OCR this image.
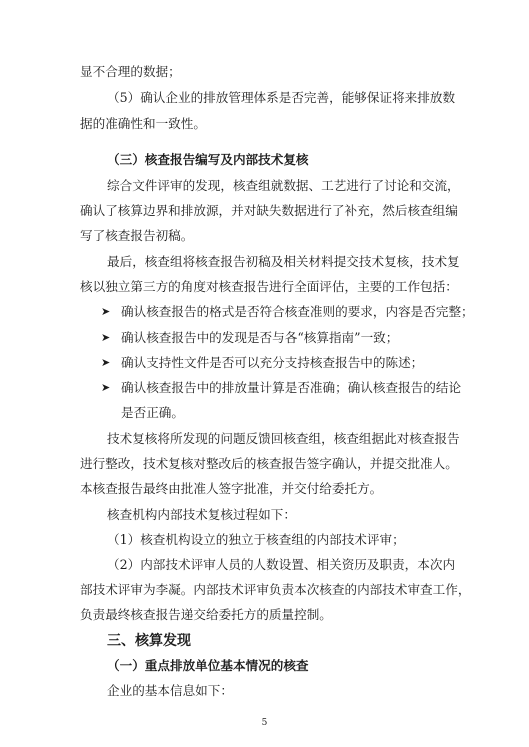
显不合理的数据；
（5）确认企业的排放管理体系是否完善，能够保证将来排放数
据的准确性和一致性。
（三）核查报告编写及内部技术复核
综合文件评审的发现，核查组就数据、工艺进行了讨论和交流，
确认了核算边界和排放源，并对缺失数据进行了补充，然后核查组编
写了核查报告初稿。
最后，核查组将核查报告初稿及相关材料提交技术复核，技术复
核以独立第三方的角度对核查报告进行全面评估，主要的工作包括：
➤ 确认核查报告的格式是否符合核查准则的要求，内容是否完整；
➤ 确认核查报告中的发现是否与各“核算指南”一致；
➤ 确认支持性文件是否可以充分支持核查报告中的陈述；
➤ 确认核查报告中的排放量计算是否准确；确认核查报告的结论
是否正确。
技术复核将所发现的问题反馈回核查组，核查组据此对核查报告
进行整改，技术复核对整改后的核查报告签字确认，并提交批准人。
本核查报告最终由批准人签字批准，并交付给委托方。
核查机构内部技术复核过程如下：
（1）核查机构设立的独立于核查组的内部技术评审；
（2）内部技术评审人员的人数设置、相关资历及职责，本次内
部技术评审为李凝。内部技术评审负责本次核查的内部技术审查工作，
负责最终核查报告递交给委托方的质量控制。
三、核算发现
（一）重点排放单位基本情况的核查
企业的基本信息如下：
5
